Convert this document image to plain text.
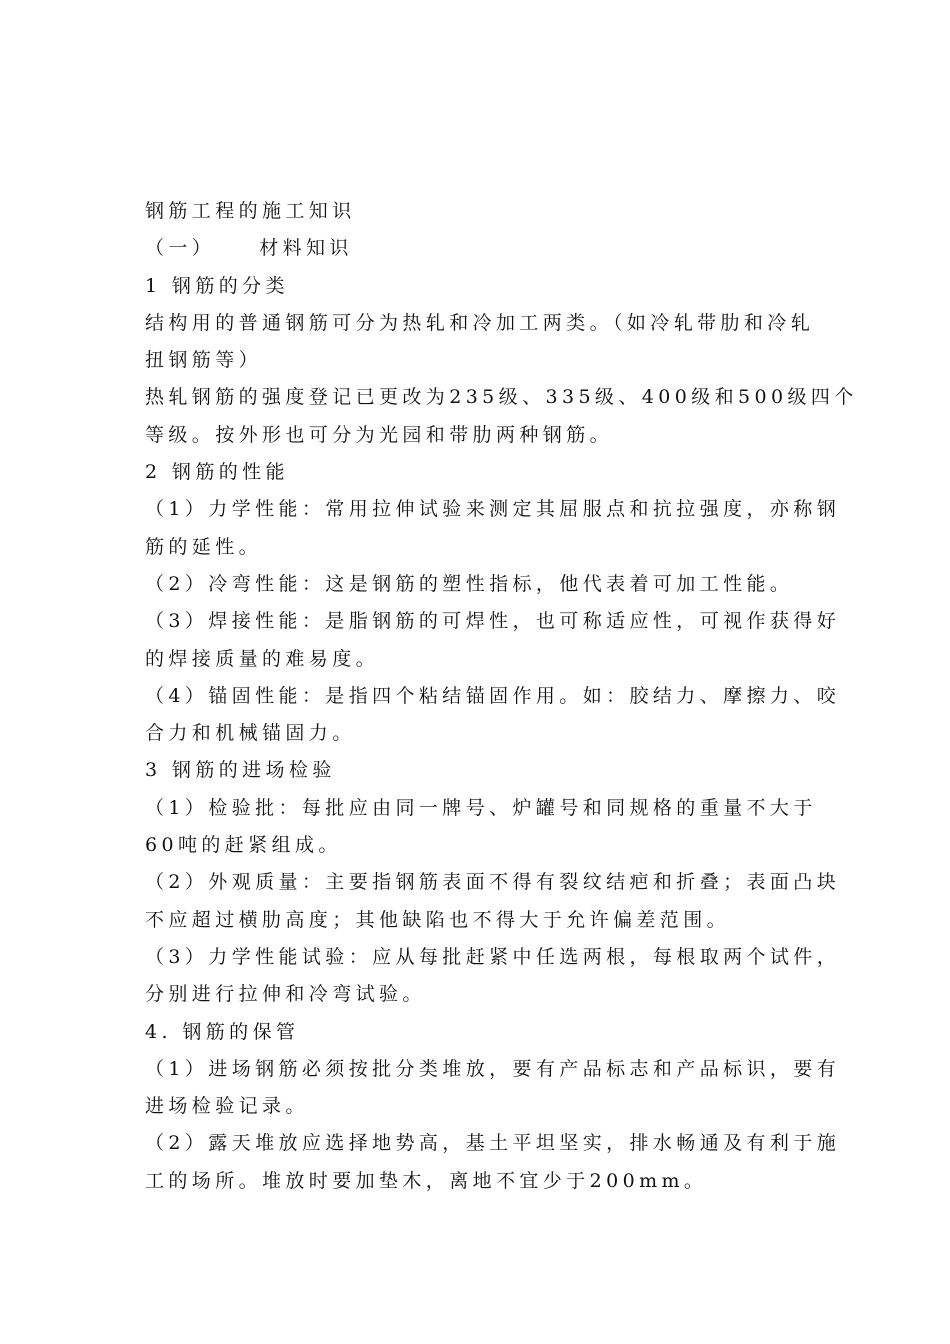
钢筋工程的施工知识
（一） 材料知识
1 钢筋的分类
结构用的普通钢筋可分为热轧和冷加工两类。（如冷轧带肋和冷轧
扭钢筋等）
热轧钢筋的强度登记已更改为235级、335级、400级和500级四个
等级。按外形也可分为光园和带肋两种钢筋。
2 钢筋的性能
（1）力学性能：常用拉伸试验来测定其屈服点和抗拉强度，亦称钢
筋的延性。
（2）冷弯性能：这是钢筋的塑性指标，他代表着可加工性能。
（3）焊接性能：是脂钢筋的可焊性，也可称适应性，可视作获得好
的焊接质量的难易度。
（4）锚固性能：是指四个粘结锚固作用。如：胶结力、摩擦力、咬
合力和机械锚固力。
3 钢筋的进场检验
（1）检验批：每批应由同一牌号、炉罐号和同规格的重量不大于
60吨的赶紧组成。
（2）外观质量：主要指钢筋表面不得有裂纹结疤和折叠；表面凸块
不应超过横肋高度；其他缺陷也不得大于允许偏差范围。
（3）力学性能试验：应从每批赶紧中任选两根，每根取两个试件，
分别进行拉伸和冷弯试验。
4. 钢筋的保管
（1）进场钢筋必须按批分类堆放，要有产品标志和产品标识，要有
进场检验记录。
（2）露天堆放应选择地势高，基土平坦坚实，排水畅通及有利于施
工的场所。堆放时要加垫木，离地不宜少于200mm。
